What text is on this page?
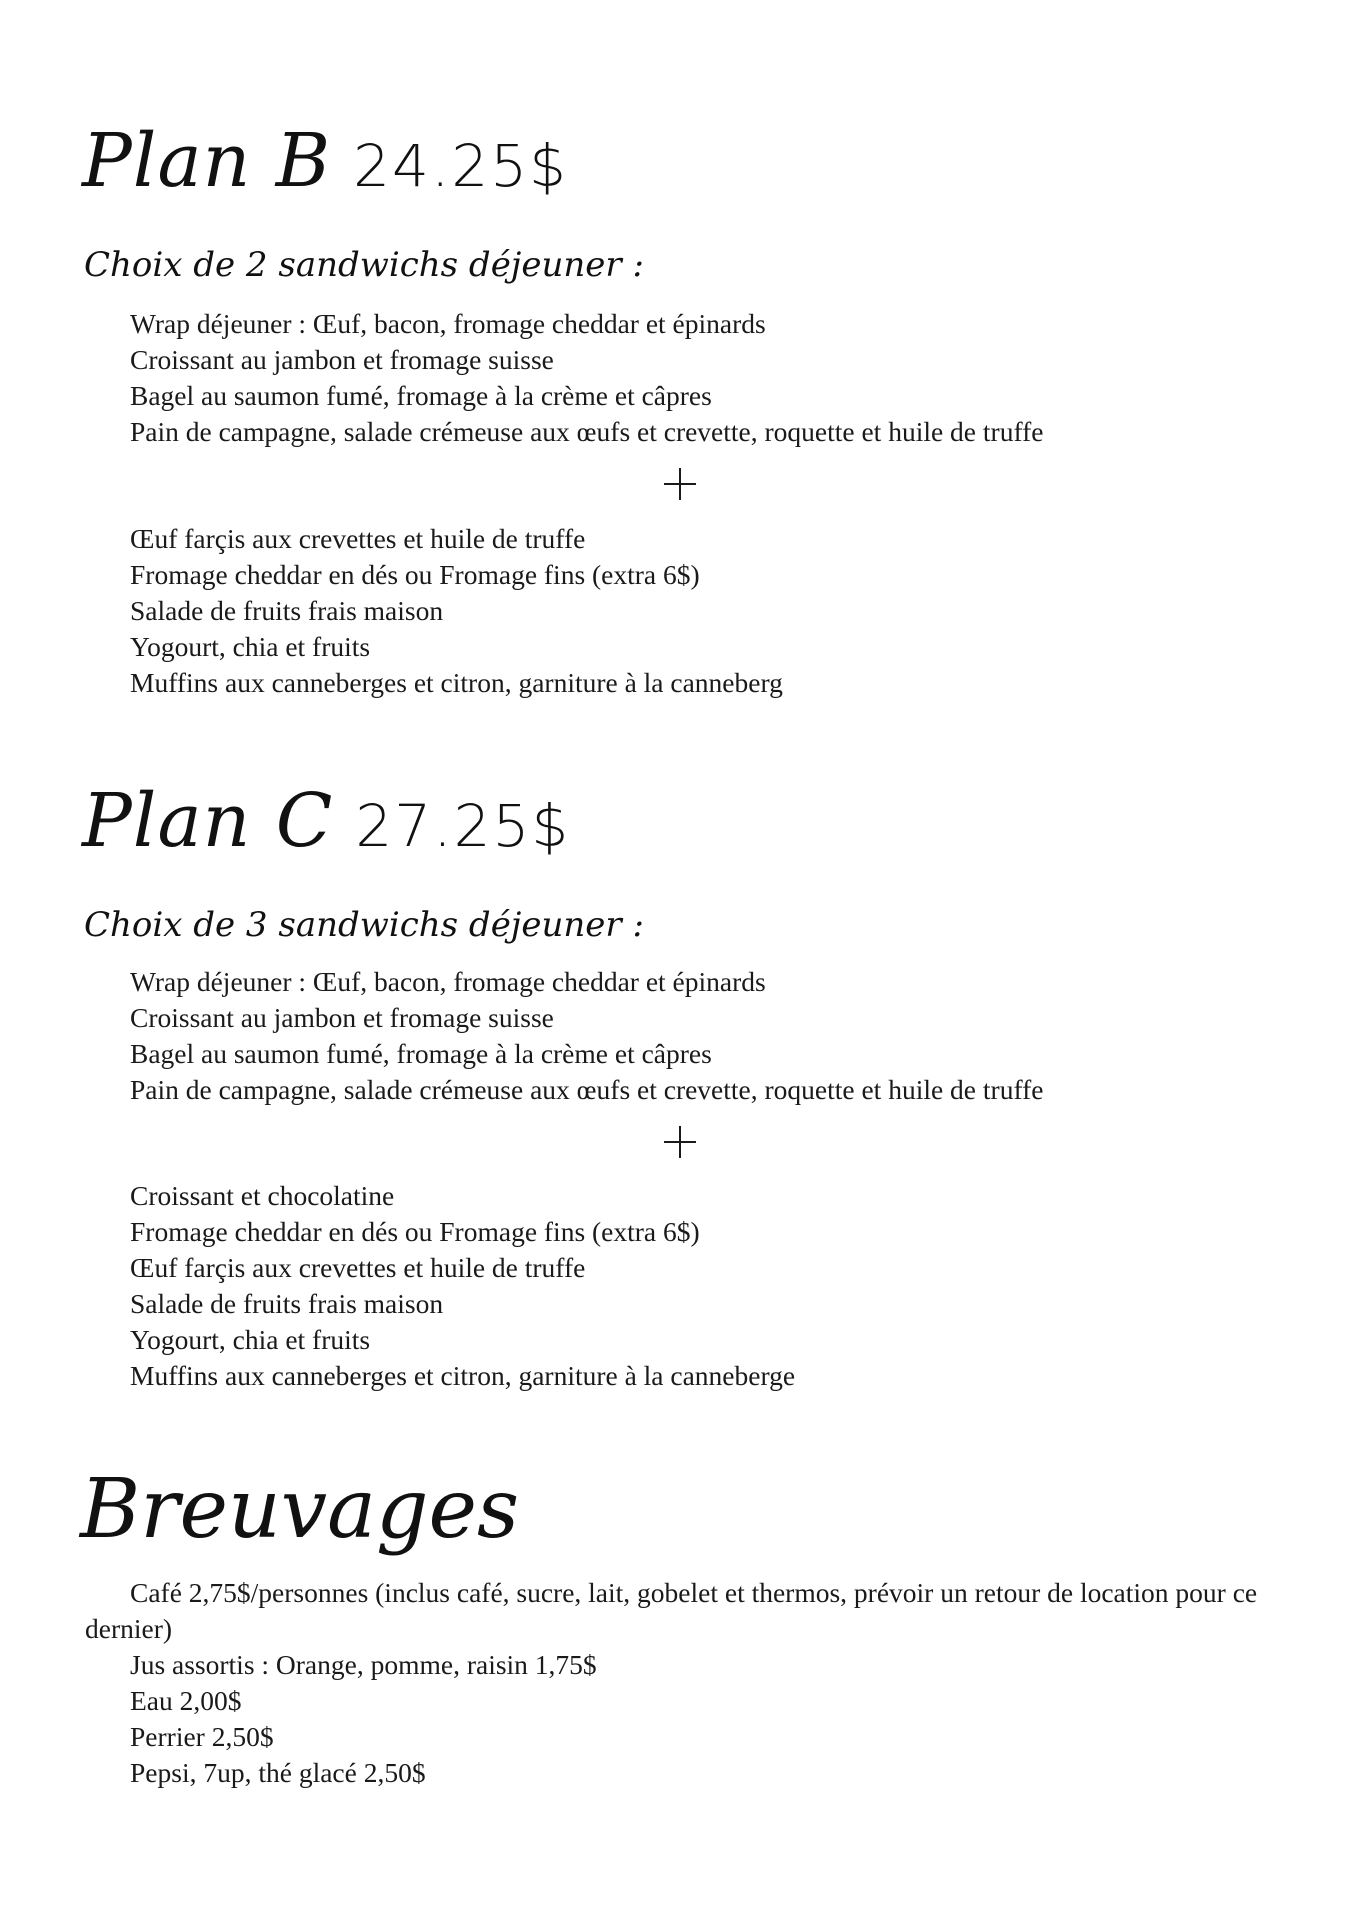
Plan B 24.25$
Choix de 2 sandwichs déjeuner :
Wrap déjeuner : Œuf, bacon, fromage cheddar et épinards
Croissant au jambon et fromage suisse
Bagel au saumon fumé, fromage à la crème et câpres
Pain de campagne, salade crémeuse aux œufs et crevette, roquette et huile de truffe
Œuf farçis aux crevettes et huile de truffe
Fromage cheddar en dés ou Fromage fins (extra 6$)
Salade de fruits frais maison
Yogourt, chia et fruits
Muffins aux canneberges et citron, garniture à la canneberg
Plan C 27.25$
Choix de 3 sandwichs déjeuner :
Wrap déjeuner : Œuf, bacon, fromage cheddar et épinards
Croissant au jambon et fromage suisse
Bagel au saumon fumé, fromage à la crème et câpres
Pain de campagne, salade crémeuse aux œufs et crevette, roquette et huile de truffe
Croissant et chocolatine
Fromage cheddar en dés ou Fromage fins (extra 6$)
Œuf farçis aux crevettes et huile de truffe
Salade de fruits frais maison
Yogourt, chia et fruits
Muffins aux canneberges et citron, garniture à la canneberge
Breuvages

Café 2,75$/personnes (inclus café, sucre, lait, gobelet et thermos, prévoir un retour de location pour ce dernier)

Jus assortis : Orange, pomme, raisin 1,75$
Eau 2,00$
Perrier 2,50$
Pepsi, 7up, thé glacé 2,50$
